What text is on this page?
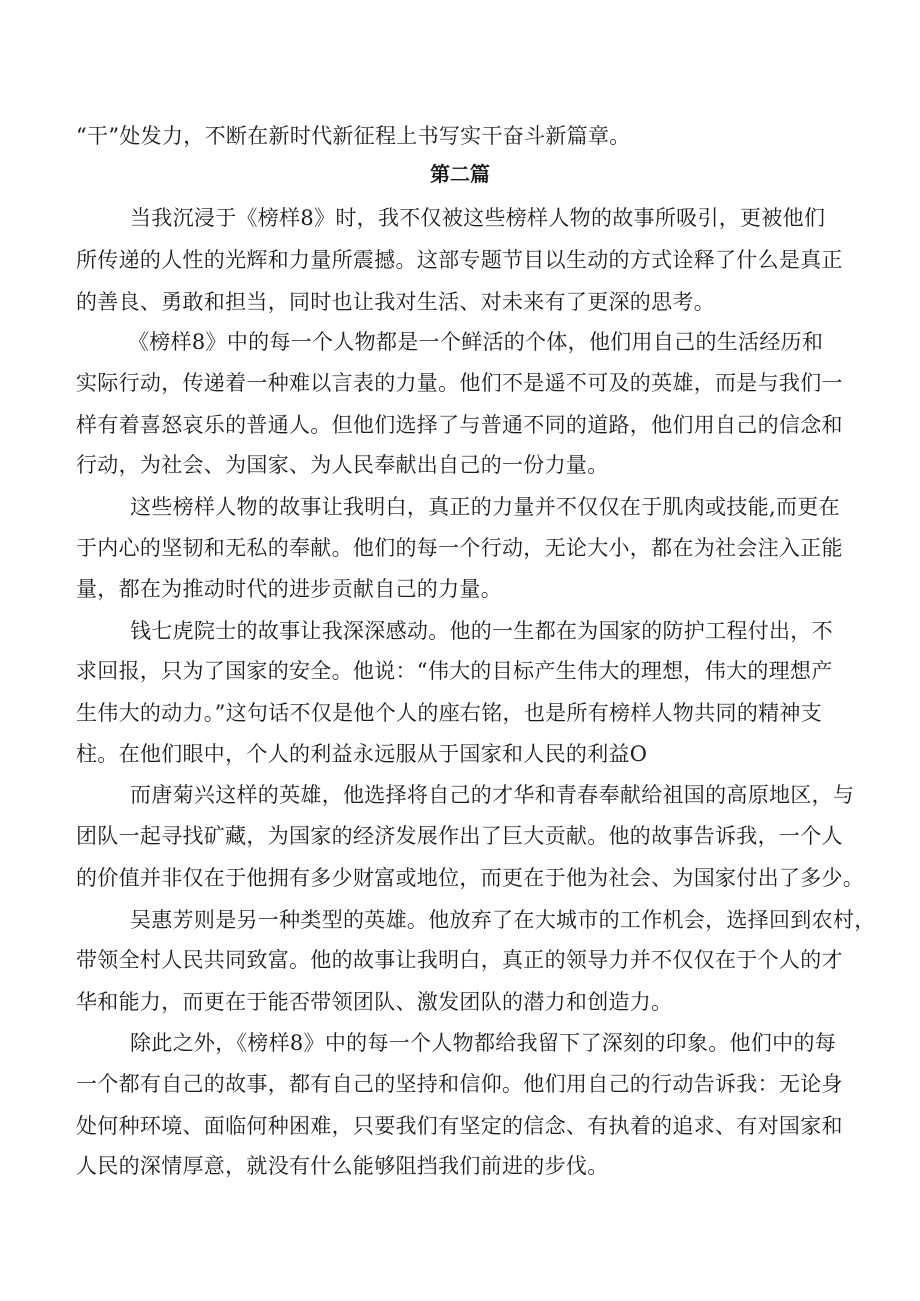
“干”处发力，不断在新时代新征程上书写实干奋斗新篇章。
第二篇
当我沉浸于《榜样8》时，我不仅被这些榜样人物的故事所吸引，更被他们
所传递的人性的光辉和力量所震撼。这部专题节目以生动的方式诠释了什么是真正
的善良、勇敢和担当，同时也让我对生活、对未来有了更深的思考。
《榜样8》中的每一个人物都是一个鲜活的个体，他们用自己的生活经历和
实际行动，传递着一种难以言表的力量。他们不是遥不可及的英雄，而是与我们一
样有着喜怒哀乐的普通人。但他们选择了与普通不同的道路，他们用自己的信念和
行动，为社会、为国家、为人民奉献出自己的一份力量。
这些榜样人物的故事让我明白，真正的力量并不仅仅在于肌肉或技能,而更在
于内心的坚韧和无私的奉献。他们的每一个行动，无论大小，都在为社会注入正能
量，都在为推动时代的进步贡献自己的力量。
钱七虎院士的故事让我深深感动。他的一生都在为国家的防护工程付出，不
求回报，只为了国家的安全。他说：“伟大的目标产生伟大的理想，伟大的理想产
生伟大的动力。”这句话不仅是他个人的座右铭，也是所有榜样人物共同的精神支
柱。在他们眼中，个人的利益永远服从于国家和人民的利益O
而唐菊兴这样的英雄，他选择将自己的才华和青春奉献给祖国的高原地区，与
团队一起寻找矿藏，为国家的经济发展作出了巨大贡献。他的故事告诉我，一个人
的价值并非仅在于他拥有多少财富或地位，而更在于他为社会、为国家付出了多少。
吴惠芳则是另一种类型的英雄。他放弃了在大城市的工作机会，选择回到农村，
带领全村人民共同致富。他的故事让我明白，真正的领导力并不仅仅在于个人的才
华和能力，而更在于能否带领团队、激发团队的潜力和创造力。
除此之外，《榜样8》中的每一个人物都给我留下了深刻的印象。他们中的每
一个都有自己的故事，都有自己的坚持和信仰。他们用自己的行动告诉我：无论身
处何种环境、面临何种困难，只要我们有坚定的信念、有执着的追求、有对国家和
人民的深情厚意，就没有什么能够阻挡我们前进的步伐。
